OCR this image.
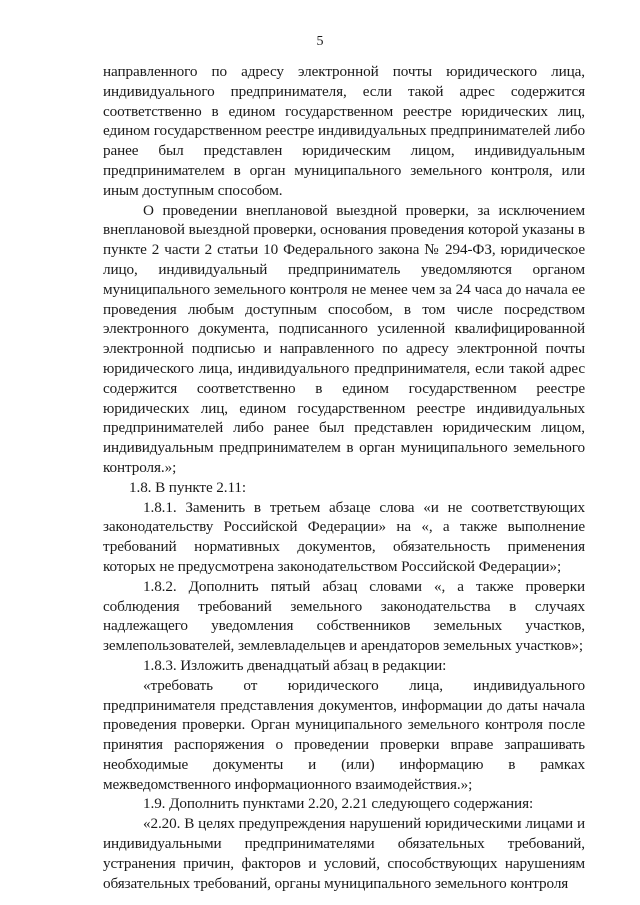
5

направленного по адресу электронной почты юридического лица, индивидуального предпринимателя, если такой адрес содержится соответственно в едином государственном реестре юридических лиц, едином государственном реестре индивидуальных предпринимателей либо ранее был представлен юридическим лицом, индивидуальным предпринимателем в орган муниципального земельного контроля, или иным доступным способом.

О проведении внеплановой выездной проверки, за исключением внеплановой выездной проверки, основания проведения которой указаны в пункте 2 части 2 статьи 10 Федерального закона № 294-ФЗ, юридическое лицо, индивидуальный предприниматель уведомляются органом муниципального земельного контроля не менее чем за 24 часа до начала ее проведения любым доступным способом, в том числе посредством электронного документа, подписанного усиленной квалифицированной электронной подписью и направленного по адресу электронной почты юридического лица, индивидуального предпринимателя, если такой адрес содержится соответственно в едином государственном реестре юридических лиц, едином государственном реестре индивидуальных предпринимателей либо ранее был представлен юридическим лицом, индивидуальным предпринимателем в орган муниципального земельного контроля.»;

1.8. В пункте 2.11:

1.8.1. Заменить в третьем абзаце слова «и не соответствующих законодательству Российской Федерации» на «, а также выполнение требований нормативных документов, обязательность применения которых не предусмотрена законодательством Российской Федерации»;

1.8.2. Дополнить пятый абзац словами «, а также проверки соблюдения требований земельного законодательства в случаях надлежащего уведомления собственников земельных участков, землепользователей, землевладельцев и арендаторов земельных участков»;

1.8.3. Изложить двенадцатый абзац в редакции:

«требовать от юридического лица, индивидуального предпринимателя представления документов, информации до даты начала проведения проверки. Орган муниципального земельного контроля после принятия распоряжения о проведении проверки вправе запрашивать необходимые документы и (или) информацию в рамках межведомственного информационного взаимодействия.»;

1.9. Дополнить пунктами 2.20, 2.21 следующего содержания:

«2.20. В целях предупреждения нарушений юридическими лицами и индивидуальными предпринимателями обязательных требований, устранения причин, факторов и условий, способствующих нарушениям обязательных требований, органы муниципального земельного контроля
